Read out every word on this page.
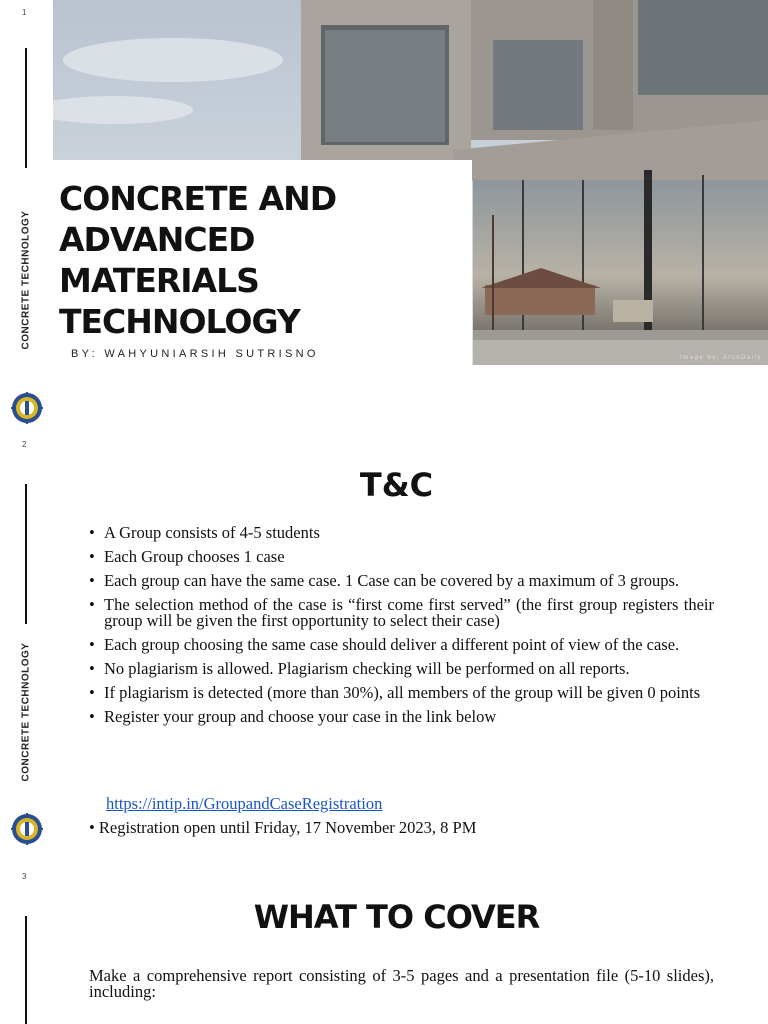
1
CONCRETE TECHNOLOGY
Image by: ArchDaily
CONCRETE AND
ADVANCED
MATERIALS
TECHNOLOGY
BY: WAHYUNIARSIH SUTRISNO
2
CONCRETE TECHNOLOGY
T&C
• A Group consists of 4-5 students
• Each Group chooses 1 case
• Each group can have the same case. 1 Case can be covered by a maximum of 3 groups.
• The selection method of the case is “first come first served” (the first group registers their group will be given the first opportunity to select their case)
• Each group choosing the same case should deliver a different point of view of the case.
• No plagiarism is allowed. Plagiarism checking will be performed on all reports.
• If plagiarism is detected (more than 30%), all members of the group will be given 0 points
• Register your group and choose your case in the link below
https://intip.in/GroupandCaseRegistration
• Registration open until Friday, 17 November 2023, 8 PM
3
WHAT TO COVER

Make a comprehensive report consisting of 3-5 pages and a presentation file (5-10 slides), including:
